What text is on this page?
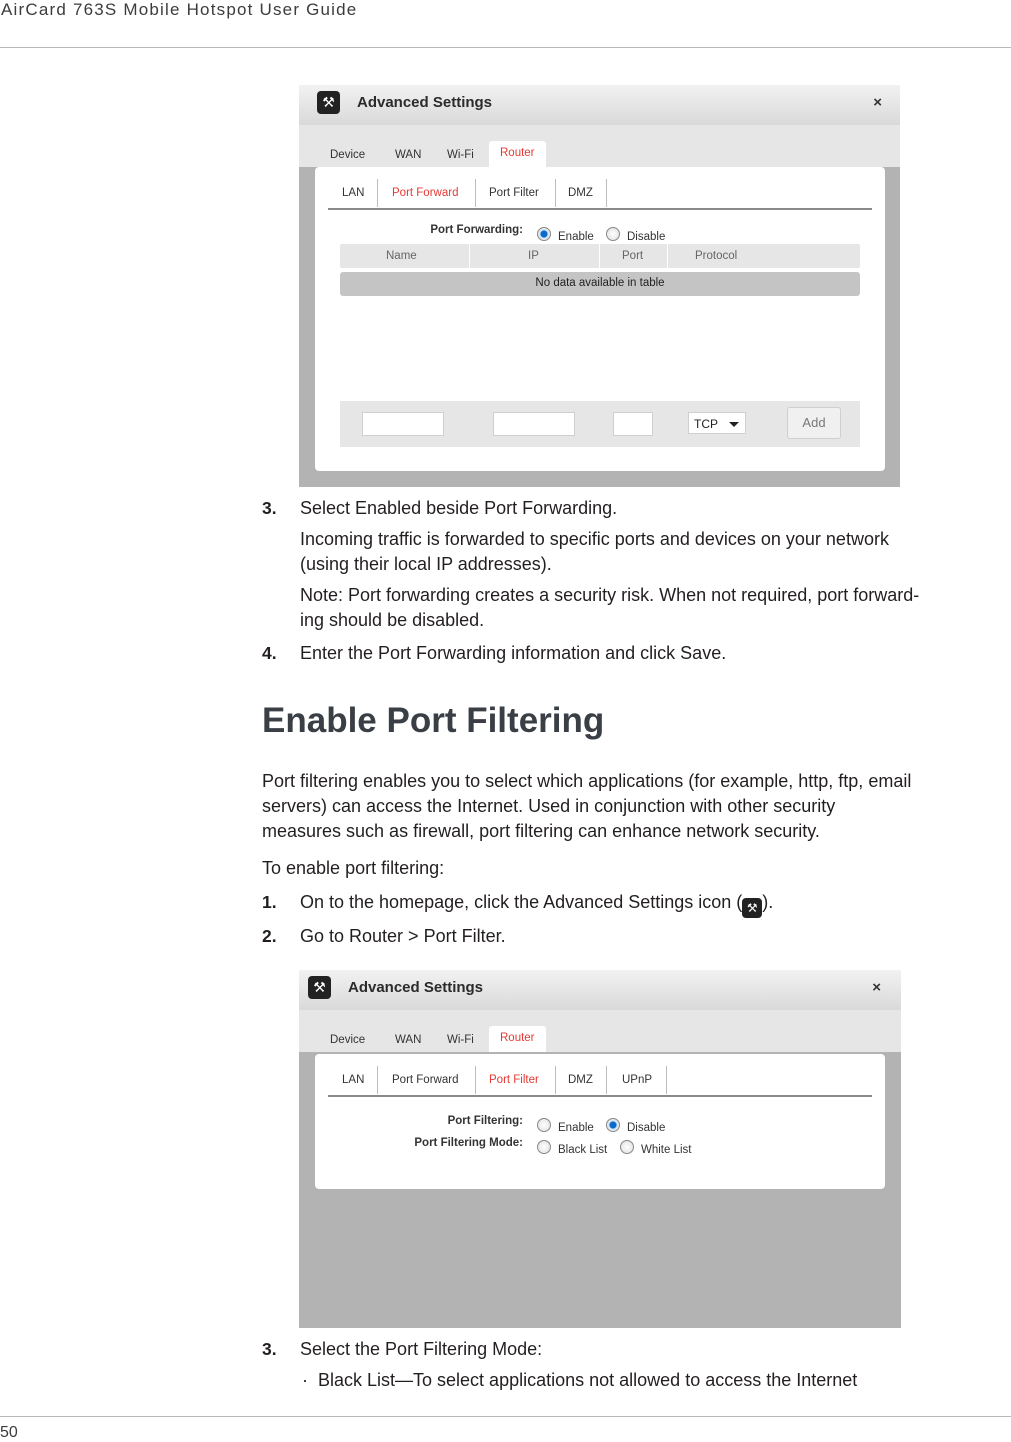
AirCard 763S Mobile Hotspot User Guide
⚒	Advanced Settings	×
Device	WAN Wi-Fi	Router
LAN Port Forward	Port Filter	DMZ
Port Forwarding:
Enable	Disable
Name	IP	Port	Protocol
No data available in table
TCP	Add
3. Select Enabled beside Port Forwarding.
Incoming traffic is forwarded to specific ports and devices on your network
(using their local IP addresses).
Note: Port forwarding creates a security risk. When not required, port forward-
ing should be disabled.
4. Enter the Port Forwarding information and click Save.
Enable Port Filtering
Port filtering enables you to select which applications (for example, http, ftp, email
servers) can access the Internet. Used in conjunction with other security
measures such as firewall, port filtering can enhance network security.
To enable port filtering:
1. On to the homepage, click the Advanced Settings icon ( ⚒ ).
2. Go to Router > Port Filter.
⚒	Advanced Settings	×
Device	WAN Wi-Fi	Router
LAN Port Forward	Port Filter	DMZ	UPnP
Port Filtering:
Enable	Disable
Port Filtering Mode:
Black List	White List
3. Select the Port Filtering Mode:
· Black List—To select applications not allowed to access the Internet
50
